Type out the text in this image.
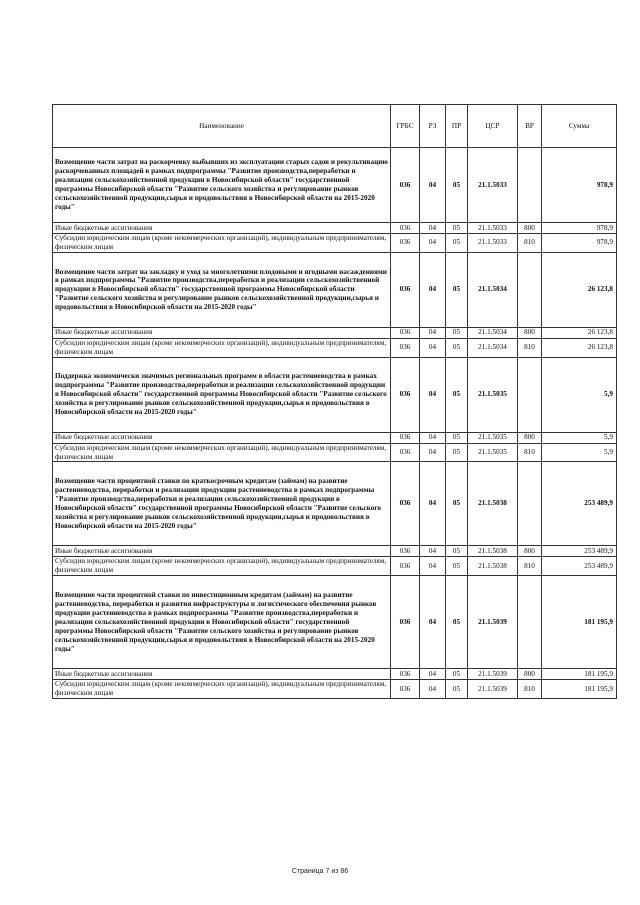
Наименование	ГРБС	РЗ	ПР	ЦСР	ВР	Сумма
Возмещение части затрат на раскорчевку выбывших из эксплуатации старых садов и рекультивацию раскорчеванных площадей в рамках подпрограммы "Развитие производства,переработки и реализации сельскохозяйственной продукции в Новосибирской области" государственной программы Новосибирской области "Развитие сельского хозяйства и регулирование рынков сельскохозяйственной продукции,сырья и продовольствия в Новосибирской области на 2015-2020 годы"	036	04	05	21.1.5033		978,9
Иные бюджетные ассигнования	036	04	05	21.1.5033	800	978,9
Субсидии юридическим лицам (кроме некоммерческих организаций), индивидуальным предпринимателям, физическим лицам	036	04	05	21.1.5033	810	978,9
Возмещение части затрат на закладку и уход за многолетними плодовыми и ягодными насаждениями в рамках подпрограммы "Развитие производства,переработки и реализации сельскохозяйственной продукции в Новосибирской области" государственной программы Новосибирской области "Развитие сельского хозяйства и регулирование рынков сельскохозяйственной продукции,сырья и продовольствия в Новосибирской области на 2015-2020 годы"	036	04	05	21.1.5034		26 123,8
Иные бюджетные ассигнования	036	04	05	21.1.5034	800	26 123,8
Субсидии юридическим лицам (кроме некоммерческих организаций), индивидуальным предпринимателям, физическим лицам	036	04	05	21.1.5034	810	26 123,8
Поддержка экономически значимых региональных программ в области растениеводства в рамках подпрограммы "Развитие производства,переработки и реализации сельскохозяйственной продукции в Новосибирской области" государственной программы Новосибирской области "Развитие сельского хозяйства и регулирование рынков сельскохозяйственной продукции,сырья и продовольствия в Новосибирской области на 2015-2020 годы"	036	04	05	21.1.5035		5,9
Иные бюджетные ассигнования	036	04	05	21.1.5035	800	5,9
Субсидии юридическим лицам (кроме некоммерческих организаций), индивидуальным предпринимателям, физическим лицам	036	04	05	21.1.5035	810	5,9
Возмещение части процентной ставки по краткосрочным кредитам (займам) на развитие растениеводства, переработки и реализации продукции растениеводства в рамках подпрограммы "Развитие производства,переработки и реализации сельскохозяйственной продукции в Новосибирской области" государственной программы Новосибирской области "Развитие сельского хозяйства и регулирование рынков сельскохозяйственной продукции,сырья и продовольствия в Новосибирской области на 2015-2020 годы"	036	04	05	21.1.5038		253 489,9
Иные бюджетные ассигнования	036	04	05	21.1.5038	800	253 489,9
Субсидии юридическим лицам (кроме некоммерческих организаций), индивидуальным предпринимателям, физическим лицам	036	04	05	21.1.5038	810	253 489,9
Возмещение части процентной ставки по инвестиционным кредитам (займам) на развитие растениеводства, переработки и развития инфраструктуры и логистического обеспечения рынков продукции растениеводства в рамках подпрограммы "Развитие производства,переработки и реализации сельскохозяйственной продукции в Новосибирской области" государственной программы Новосибирской области "Развитие сельского хозяйства и регулирование рынков сельскохозяйственной продукции,сырья и продовольствия в Новосибирской области на 2015-2020 годы"	036	04	05	21.1.5039		181 195,9
Иные бюджетные ассигнования	036	04	05	21.1.5039	800	181 195,9
Субсидии юридическим лицам (кроме некоммерческих организаций), индивидуальным предпринимателям, физическим лицам	036	04	05	21.1.5039	810	181 195,9
Страница 7 из 86
